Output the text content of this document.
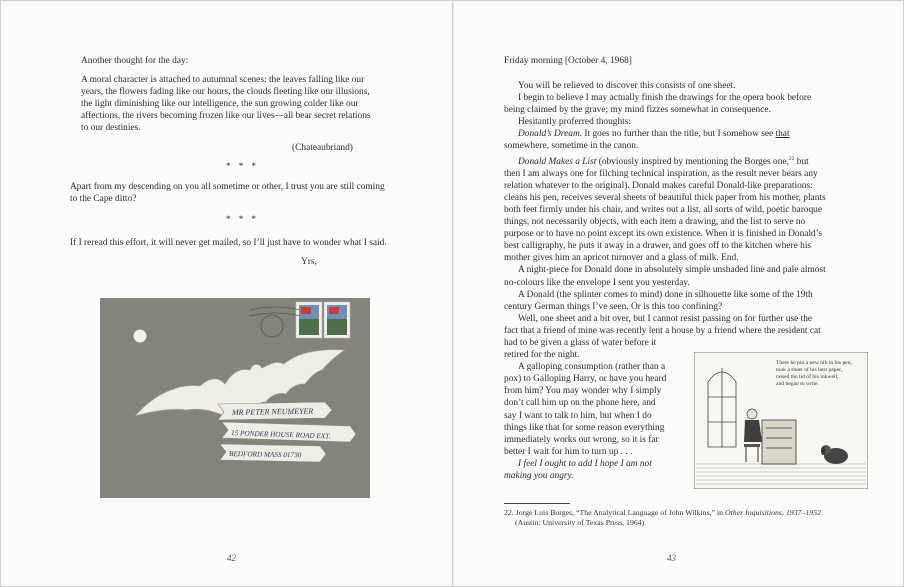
Another thought for the day:
A moral character is attached to autumnal scenes; the leaves falling like our
years, the flowers fading like our hours, the clouds fleeting like our illusions,
the light diminishing like our intelligence, the sun growing colder like our
affections, the rivers becoming frozen like our lives—all bear secret relations
to our destinies.
(Chateaubriand)
* * *
Apart from my descending on you all sometime or other, I trust you are still coming
to the Cape ditto?
* * *
If I reread this effort, it will never get mailed, so I’ll just have to wonder what I said.
Yrs,
MR PETER NEUMEYER
15 PONDER HOUSE ROAD EXT.
BEDFORD MASS 01730
42
Friday morning [October 4, 1968]
You will be relieved to discover this consists of one sheet.
I begin to believe I may actually finish the drawings for the opera book before
being claimed by the grave; my mind fizzes somewhat in consequence.
Hesitantly proferred thoughts:
Donald’s Dream. It goes no further than the title, but I somehow see that
somewhere, sometime in the canon.
Donald Makes a List (obviously inspired by mentioning the Borges one,$^{22}$ but
then I am always one for filching technical inspiration, as the result never bears any
relation whatever to the original). Donald makes careful Donald-like preparations:
cleans his pen, receives several sheets of beautiful thick paper from his mother, plants
both feet firmly under his chair, and writes out a list, all sorts of wild, poetic baroque
things, not necessarily objects, with each item a drawing, and the list to serve no
purpose or to have no point except its own existence. When it is finished in Donald’s
best calligraphy, he puts it away in a drawer, and goes off to the kitchen where his
mother gives him an apricot turnover and a glass of milk. End.
A night-piece for Donald done in absolutely simple unshaded line and pale almost
no-colours like the envelope I sent you yesterday.
A Donald (the splinter comes to mind) done in silhouette like some of the 19th
century German things I’ve seen. Or is this too confining?
Well, one sheet and a bit over, but I cannot resist passing on for further use the
fact that a friend of mine was recently lent a house by a friend where the resident cat
had to be given a glass of water before it
retired for the night.
A galloping consumption (rather than a
pox) to Galloping Harry, or have you heard
from him? You may wonder why I simply
don’t call him up on the phone here, and
say I want to talk to him, but when I do
things like that for some reason everything
immediately works out wrong, so it is far
better I wait for him to turn up . . .
I feel I ought to add I hope I am not
making you angry.
There he put a new nib in his pen,
took a sheet of his best paper,
raised the lid of his inkwell,
and began to write.
22. Jorge Luis Borges, “The Analytical Language of John Wilkins,” in Other Inquisitions, 1937–1952
(Austin: University of Texas Press, 1964).
43
